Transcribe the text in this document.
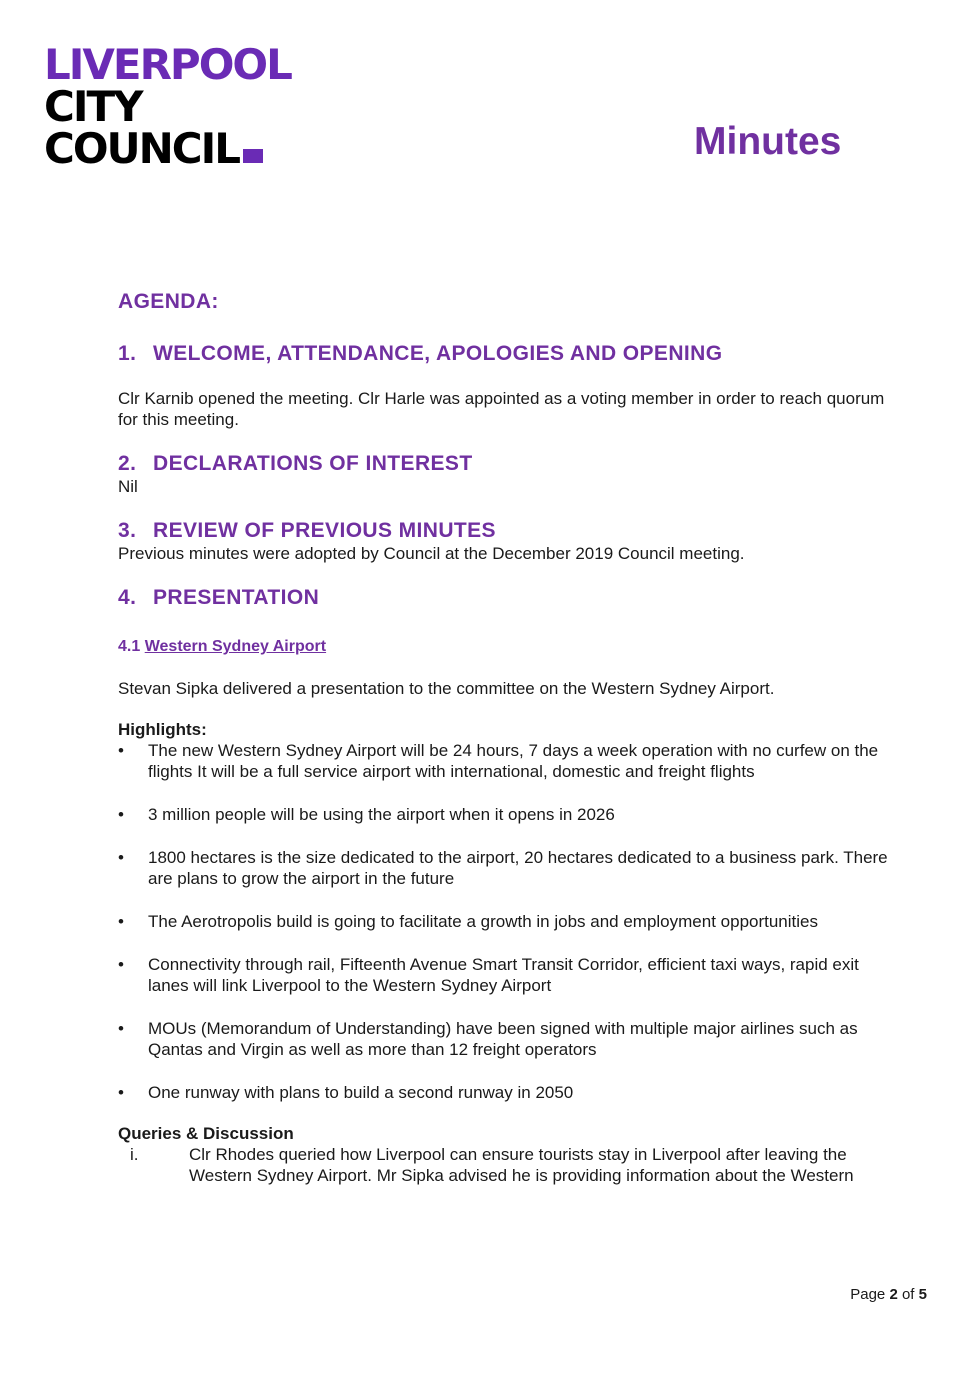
LIVERPOOL
CITY
COUNCIL	Minutes
AGENDA:
1. WELCOME, ATTENDANCE, APOLOGIES AND OPENING

Clr Karnib opened the meeting. Clr Harle was appointed as a voting member in order to reach quorum for this meeting.

2. DECLARATIONS OF INTEREST

Nil

3. REVIEW OF PREVIOUS MINUTES

Previous minutes were adopted by Council at the December 2019 Council meeting.

4. PRESENTATION
4.1 Western Sydney Airport

Stevan Sipka delivered a presentation to the committee on the Western Sydney Airport.

Highlights:

• The new Western Sydney Airport will be 24 hours, 7 days a week operation with no curfew on the flights It will be a full service airport with international, domestic and freight flights
• 3 million people will be using the airport when it opens in 2026
• 1800 hectares is the size dedicated to the airport, 20 hectares dedicated to a business park. There are plans to grow the airport in the future
• The Aerotropolis build is going to facilitate a growth in jobs and employment opportunities
• Connectivity through rail, Fifteenth Avenue Smart Transit Corridor, efficient taxi ways, rapid exit lanes will link Liverpool to the Western Sydney Airport
• MOUs (Memorandum of Understanding) have been signed with multiple major airlines such as Qantas and Virgin as well as more than 12 freight operators
• One runway with plans to build a second runway in 2050

Queries & Discussion

i.	Clr Rhodes queried how Liverpool can ensure tourists stay in Liverpool after leaving the Western Sydney Airport. Mr Sipka advised he is providing information about the Western
Page 2 of 5
